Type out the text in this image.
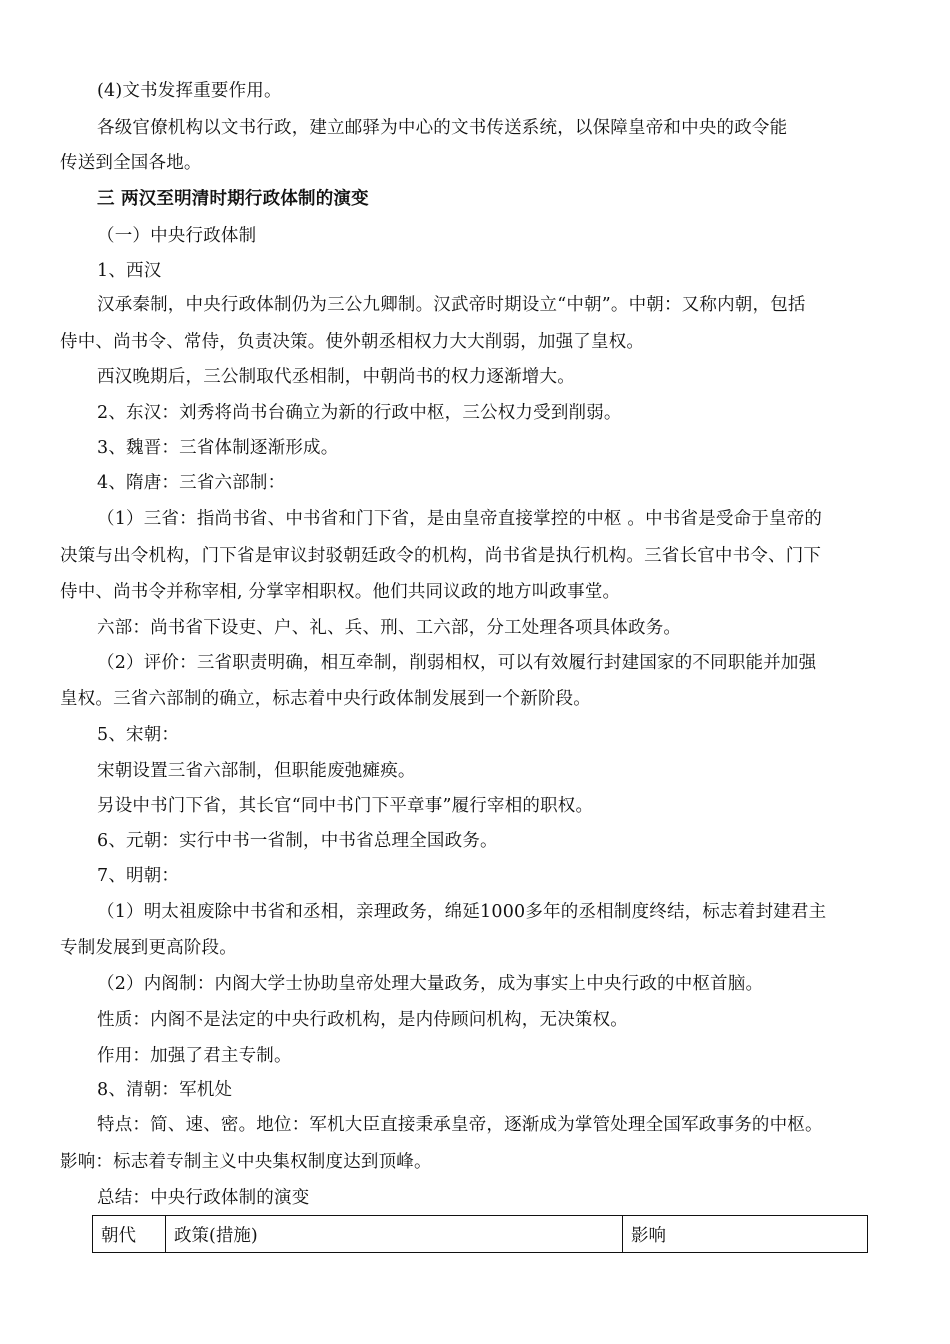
(4)文书发挥重要作用。
各级官僚机构以文书行政，建立邮驿为中心的文书传送系统，以保障皇帝和中央的政令能
传送到全国各地。
三 两汉至明清时期行政体制的演变
（一）中央行政体制
1、西汉
汉承秦制，中央行政体制仍为三公九卿制。汉武帝时期设立“中朝”。中朝：又称内朝，包括
侍中、尚书令、常侍，负责决策。使外朝丞相权力大大削弱，加强了皇权。
西汉晚期后，三公制取代丞相制，中朝尚书的权力逐渐增大。
2、东汉：刘秀将尚书台确立为新的行政中枢，三公权力受到削弱。
3、魏晋：三省体制逐渐形成。
4、隋唐：三省六部制：
（1）三省：指尚书省、中书省和门下省，是由皇帝直接掌控的中枢 。中书省是受命于皇帝的
决策与出令机构，门下省是审议封驳朝廷政令的机构，尚书省是执行机构。三省长官中书令、门下
侍中、尚书令并称宰相, 分掌宰相职权。他们共同议政的地方叫政事堂。
六部：尚书省下设吏、户、礼、兵、刑、工六部，分工处理各项具体政务。
（2）评价：三省职责明确，相互牵制，削弱相权，可以有效履行封建国家的不同职能并加强
皇权。三省六部制的确立，标志着中央行政体制发展到一个新阶段。
5、宋朝：
宋朝设置三省六部制，但职能废弛瘫痪。
另设中书门下省，其长官“同中书门下平章事”履行宰相的职权。
6、元朝：实行中书一省制，中书省总理全国政务。
7、明朝：
（1）明太祖废除中书省和丞相，亲理政务，绵延1000多年的丞相制度终结，标志着封建君主
专制发展到更高阶段。
（2）内阁制：内阁大学士协助皇帝处理大量政务，成为事实上中央行政的中枢首脑。
性质：内阁不是法定的中央行政机构，是内侍顾问机构，无决策权。
作用：加强了君主专制。
8、清朝：军机处
特点：简、速、密。地位：军机大臣直接秉承皇帝，逐渐成为掌管处理全国军政事务的中枢。
影响：标志着专制主义中央集权制度达到顶峰。
总结：中央行政体制的演变
朝代	政策(措施)	影响
